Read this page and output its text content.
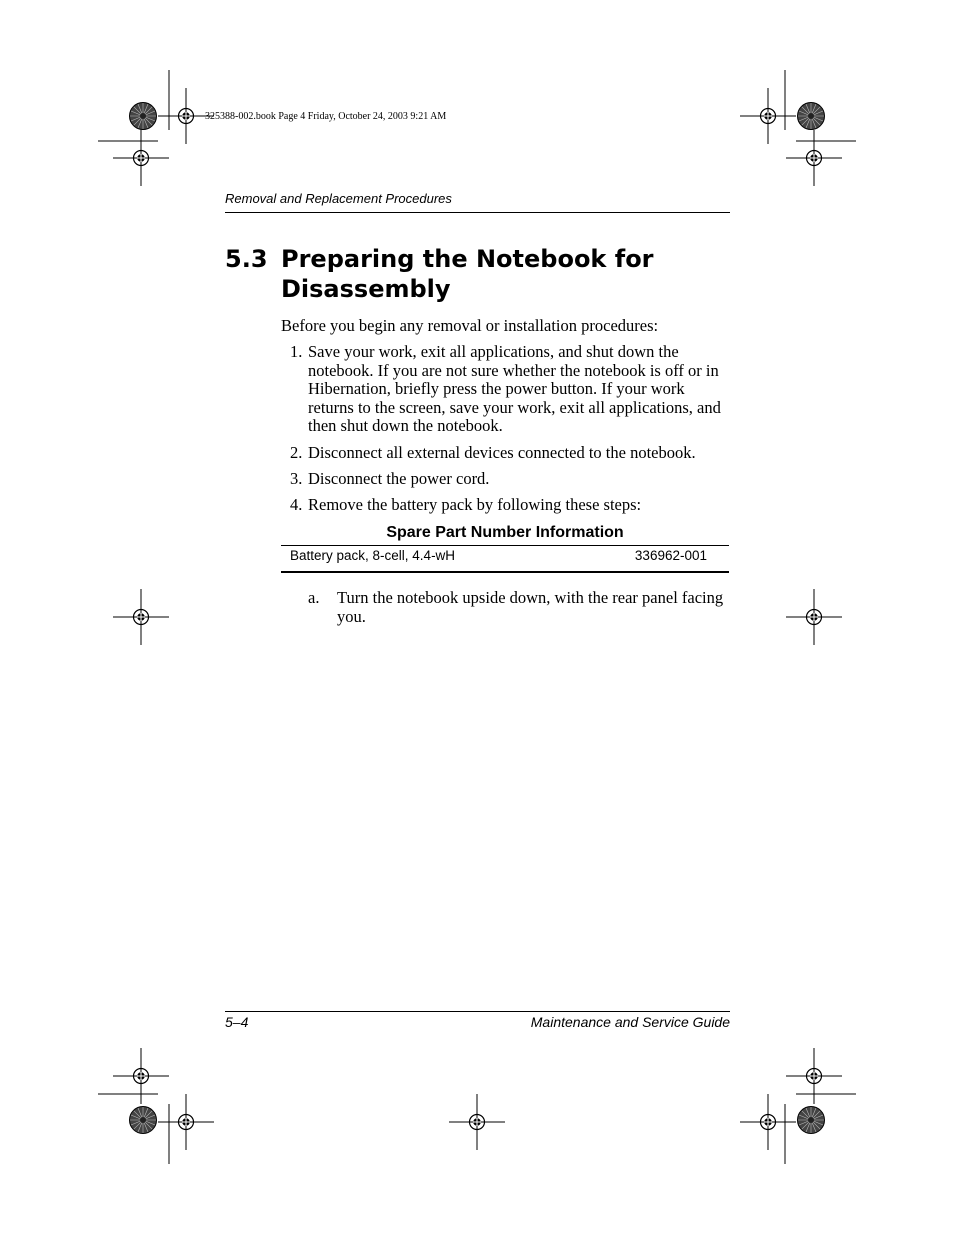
325388-002.book Page 4 Friday, October 24, 2003 9:21 AM
Removal and Replacement Procedures
5.3 Preparing the Notebook for
Disassembly
Before you begin any removal or installation procedures:
1. Save your work, exit all applications, and shut down the notebook. If you are not sure whether the notebook is off or in Hibernation, briefly press the power button. If your work returns to the screen, save your work, exit all applications, and then shut down the notebook.
2. Disconnect all external devices connected to the notebook.
3. Disconnect the power cord.
4. Remove the battery pack by following these steps:
Spare Part Number Information
Battery pack, 8-cell, 4.4-wH	336962-001
a. Turn the notebook upside down, with the rear panel facing you.
5–4	Maintenance and Service Guide
